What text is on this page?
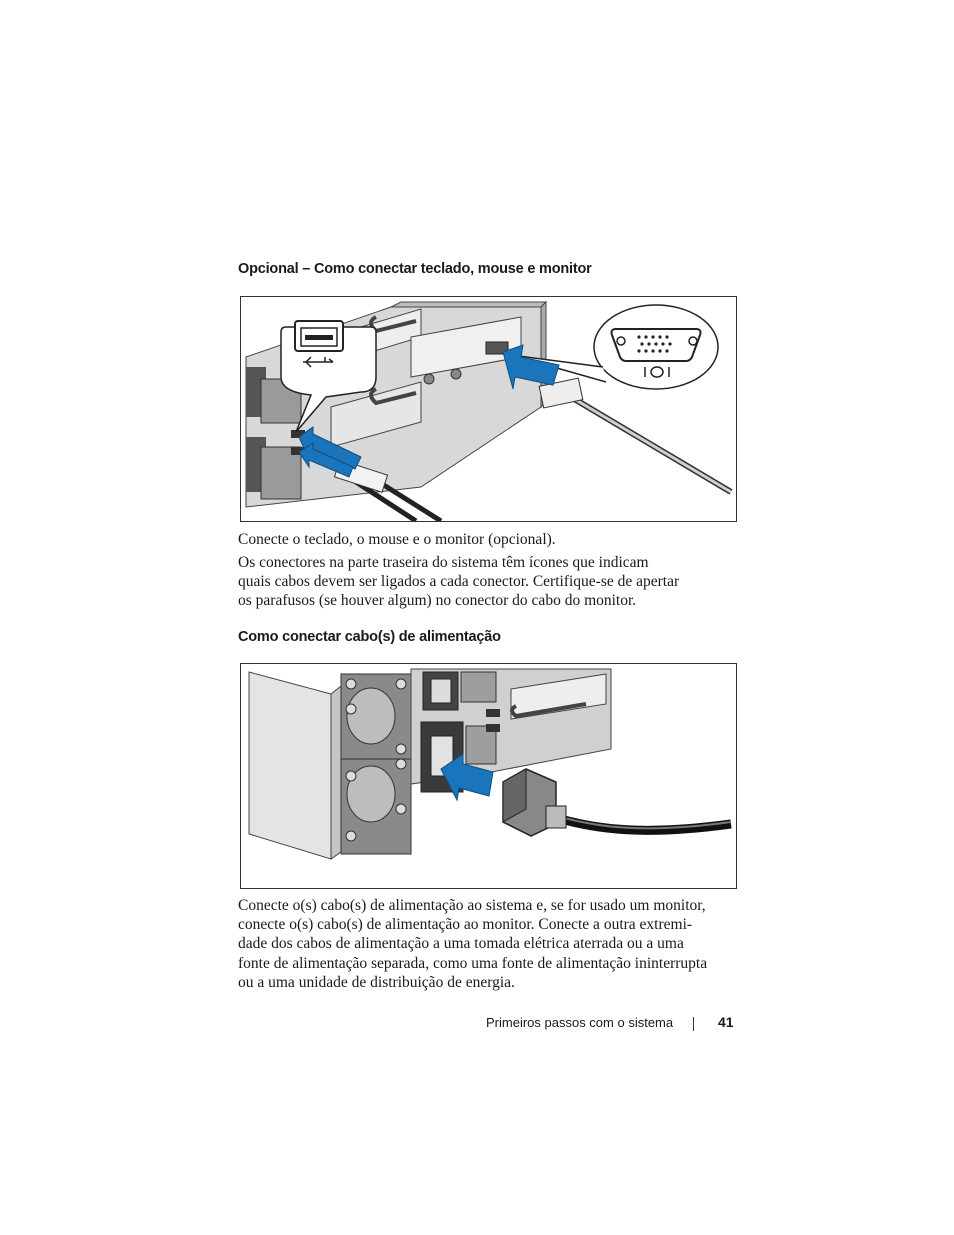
Opcional – Como conectar teclado, mouse e monitor

Conecte o teclado, o mouse e o monitor (opcional).

Os conectores na parte traseira do sistema têm ícones que indicam

quais cabos devem ser ligados a cada conector. Certifique-se de apertar

os parafusos (se houver algum) no conector do cabo do monitor.

Como conectar cabo(s) de alimentação

Conecte o(s) cabo(s) de alimentação ao sistema e, se for usado um monitor,

conecte o(s) cabo(s) de alimentação ao monitor. Conecte a outra extremi-

dade dos cabos de alimentação a uma tomada elétrica aterrada ou a uma

fonte de alimentação separada, como uma fonte de alimentação ininterrupta

ou a uma unidade de distribuição de energia.

Primeiros passos com o sistema	41
